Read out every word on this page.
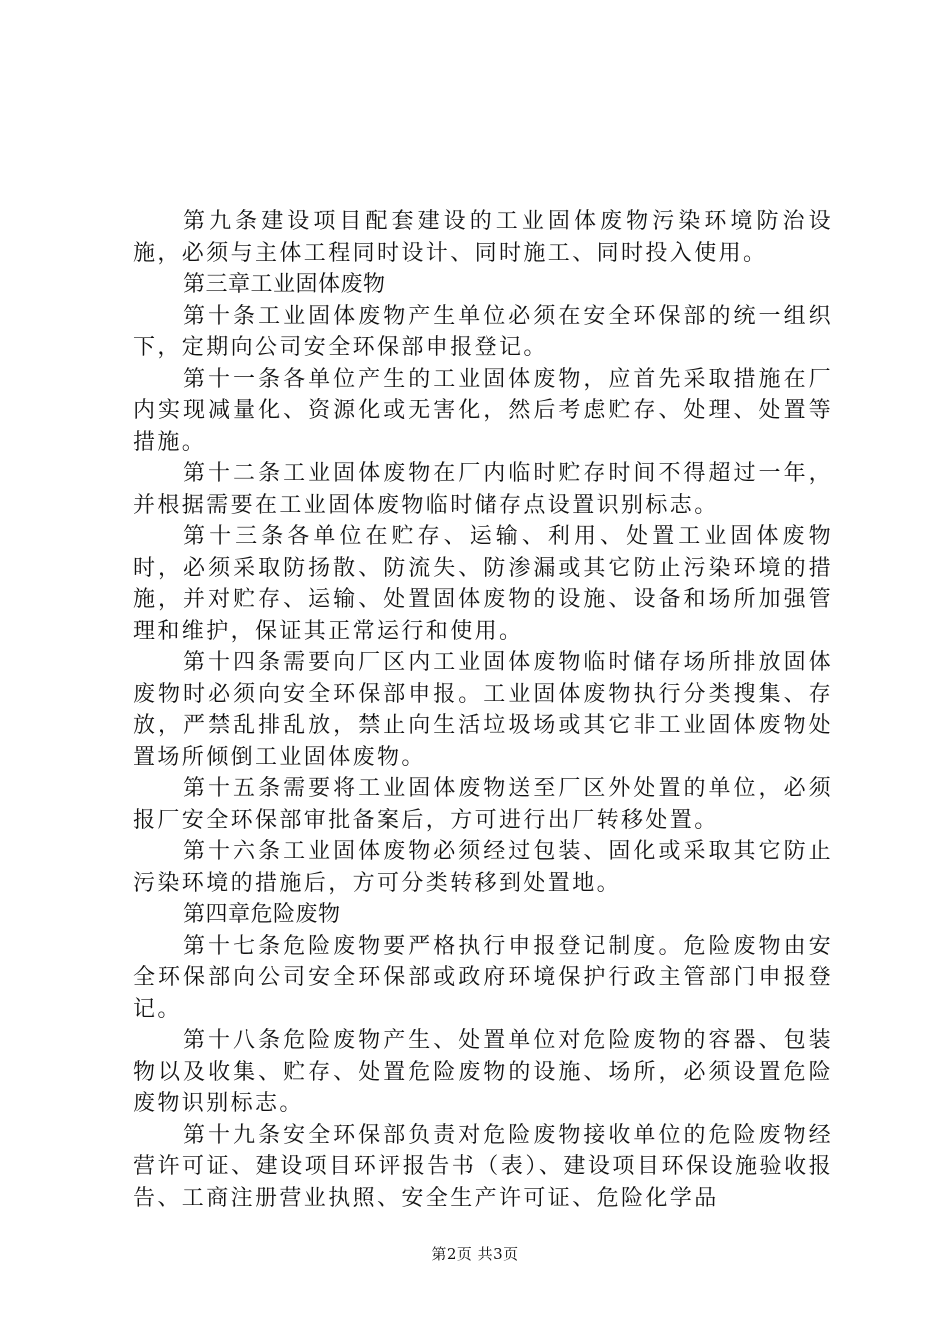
第九条建设项目配套建设的工业固体废物污染环境防治设施，必须与主体工程同时设计、同时施工、同时投入使用。

第三章工业固体废物

第十条工业固体废物产生单位必须在安全环保部的统一组织下，定期向公司安全环保部申报登记。

第十一条各单位产生的工业固体废物，应首先采取措施在厂内实现减量化、资源化或无害化，然后考虑贮存、处理、处置等措施。

第十二条工业固体废物在厂内临时贮存时间不得超过一年，并根据需要在工业固体废物临时储存点设置识别标志。

第十三条各单位在贮存、运输、利用、处置工业固体废物时，必须采取防扬散、防流失、防渗漏或其它防止污染环境的措施，并对贮存、运输、处置固体废物的设施、设备和场所加强管理和维护，保证其正常运行和使用。

第十四条需要向厂区内工业固体废物临时储存场所排放固体废物时必须向安全环保部申报。工业固体废物执行分类搜集、存放，严禁乱排乱放，禁止向生活垃圾场或其它非工业固体废物处置场所倾倒工业固体废物。

第十五条需要将工业固体废物送至厂区外处置的单位，必须报厂安全环保部审批备案后，方可进行出厂转移处置。

第十六条工业固体废物必须经过包装、固化或采取其它防止污染环境的措施后，方可分类转移到处置地。

第四章危险废物

第十七条危险废物要严格执行申报登记制度。危险废物由安全环保部向公司安全环保部或政府环境保护行政主管部门申报登记。

第十八条危险废物产生、处置单位对危险废物的容器、包装物以及收集、贮存、处置危险废物的设施、场所，必须设置危险废物识别标志。

第十九条安全环保部负责对危险废物接收单位的危险废物经营许可证、建设项目环评报告书（表）、建设项目环保设施验收报告、工商注册营业执照、安全生产许可证、危险化学品

第2页 共3页
